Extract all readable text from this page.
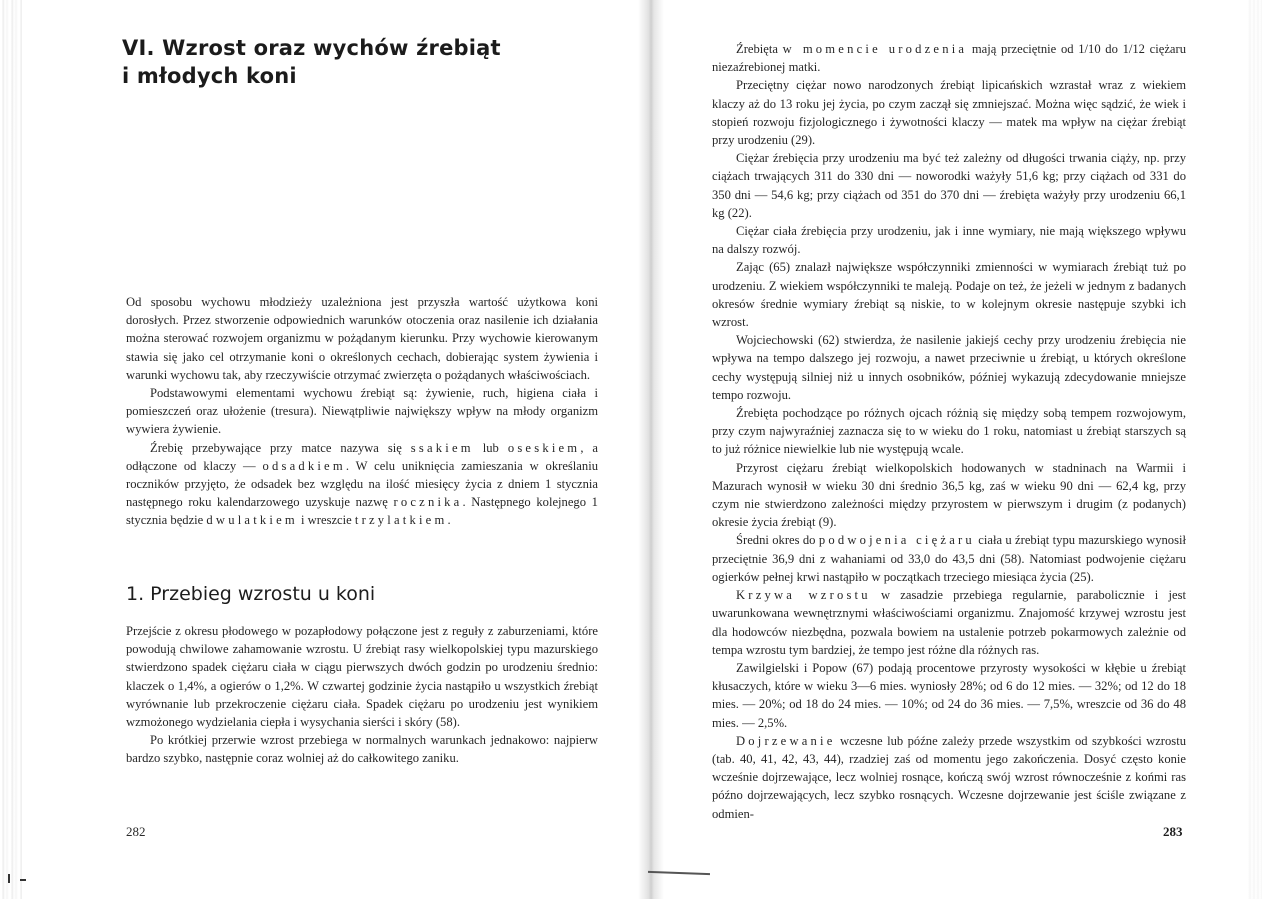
VI. Wzrost oraz wychów źrebiąt
i młodych koni

Od sposobu wychowu młodzieży uzależniona jest przyszła wartość użytkowa koni dorosłych. Przez stworzenie odpowiednich warunków otoczenia oraz nasilenie ich działania można sterować rozwojem organizmu w pożądanym kierunku. Przy wychowie kierowanym stawia się jako cel otrzymanie koni o określonych cechach, dobierając system żywienia i warunki wychowu tak, aby rzeczywiście otrzymać zwierzęta o pożądanych właściwościach.

Podstawowymi elementami wychowu źrebiąt są: żywienie, ruch, higiena ciała i pomieszczeń oraz ułożenie (tresura). Niewątpliwie największy wpływ na młody organizm wywiera żywienie.

Źrebię przebywające przy matce nazywa się ssakiem lub oseskiem, a odłączone od klaczy — odsadkiem. W celu uniknięcia zamieszania w określaniu roczników przyjęto, że odsadek bez względu na ilość miesięcy życia z dniem 1 stycznia następnego roku kalendarzowego uzyskuje nazwę rocznika. Następnego kolejnego 1 stycznia będzie dwulatkiem i wreszcie trzylatkiem.

1. Przebieg wzrostu u koni

Przejście z okresu płodowego w pozapłodowy połączone jest z reguły z zaburzeniami, które powodują chwilowe zahamowanie wzrostu. U źrebiąt rasy wielkopolskiej typu mazurskiego stwierdzono spadek ciężaru ciała w ciągu pierwszych dwóch godzin po urodzeniu średnio: klaczek o 1,4%, a ogierów o 1,2%. W czwartej godzinie życia nastąpiło u wszystkich źrebiąt wyrównanie lub przekroczenie ciężaru ciała. Spadek ciężaru po urodzeniu jest wynikiem wzmożonego wydzielania ciepła i wysychania sierści i skóry (58).

Po krótkiej przerwie wzrost przebiega w normalnych warunkach jednakowo: najpierw bardzo szybko, następnie coraz wolniej aż do całkowitego zaniku.

282

Źrebięta w momencie urodzenia mają przeciętnie od 1/10 do 1/12 ciężaru niezaźrebionej matki.

Przeciętny ciężar nowo narodzonych źrebiąt lipicańskich wzrastał wraz z wiekiem klaczy aż do 13 roku jej życia, po czym zaczął się zmniejszać. Można więc sądzić, że wiek i stopień rozwoju fizjologicznego i żywotności klaczy — matek ma wpływ na ciężar źrebiąt przy urodzeniu (29).

Ciężar źrebięcia przy urodzeniu ma być też zależny od długości trwania ciąży, np. przy ciążach trwających 311 do 330 dni — noworodki ważyły 51,6 kg; przy ciążach od 331 do 350 dni — 54,6 kg; przy ciążach od 351 do 370 dni — źrebięta ważyły przy urodzeniu 66,1 kg (22).

Ciężar ciała źrebięcia przy urodzeniu, jak i inne wymiary, nie mają większego wpływu na dalszy rozwój.

Zając (65) znalazł największe współczynniki zmienności w wymiarach źrebiąt tuż po urodzeniu. Z wiekiem współczynniki te maleją. Podaje on też, że jeżeli w jednym z badanych okresów średnie wymiary źrebiąt są niskie, to w kolejnym okresie następuje szybki ich wzrost.

Wojciechowski (62) stwierdza, że nasilenie jakiejś cechy przy urodzeniu źrebięcia nie wpływa na tempo dalszego jej rozwoju, a nawet przeciwnie u źrebiąt, u których określone cechy występują silniej niż u innych osobników, później wykazują zdecydowanie mniejsze tempo rozwoju.

Źrebięta pochodzące po różnych ojcach różnią się między sobą tempem rozwojowym, przy czym najwyraźniej zaznacza się to w wieku do 1 roku, natomiast u źrebiąt starszych są to już różnice niewielkie lub nie występują wcale.

Przyrost ciężaru źrebiąt wielkopolskich hodowanych w stadninach na Warmii i Mazurach wynosił w wieku 30 dni średnio 36,5 kg, zaś w wieku 90 dni — 62,4 kg, przy czym nie stwierdzono zależności między przyrostem w pierwszym i drugim (z podanych) okresie życia źrebiąt (9).

Średni okres do podwojenia ciężaru ciała u źrebiąt typu mazurskiego wynosił przeciętnie 36,9 dni z wahaniami od 33,0 do 43,5 dni (58). Natomiast podwojenie ciężaru ogierków pełnej krwi nastąpiło w początkach trzeciego miesiąca życia (25).

Krzywa wzrostu w zasadzie przebiega regularnie, parabolicznie i jest uwarunkowana wewnętrznymi właściwościami organizmu. Znajomość krzywej wzrostu jest dla hodowców niezbędna, pozwala bowiem na ustalenie potrzeb pokarmowych zależnie od tempa wzrostu tym bardziej, że tempo jest różne dla różnych ras.

Zawilgielski i Popow (67) podają procentowe przyrosty wysokości w kłębie u źrebiąt kłusaczych, które w wieku 3—6 mies. wyniosły 28%; od 6 do 12 mies. — 32%; od 12 do 18 mies. — 20%; od 18 do 24 mies. — 10%; od 24 do 36 mies. — 7,5%, wreszcie od 36 do 48 mies. — 2,5%.

Dojrzewanie wczesne lub późne zależy przede wszystkim od szybkości wzrostu (tab. 40, 41, 42, 43, 44), rzadziej zaś od momentu jego zakończenia. Dosyć często konie wcześnie dojrzewające, lecz wolniej rosnące, kończą swój wzrost równocześnie z końmi ras późno dojrzewających, lecz szybko rosnących. Wczesne dojrzewanie jest ściśle związane z odmien-

283
